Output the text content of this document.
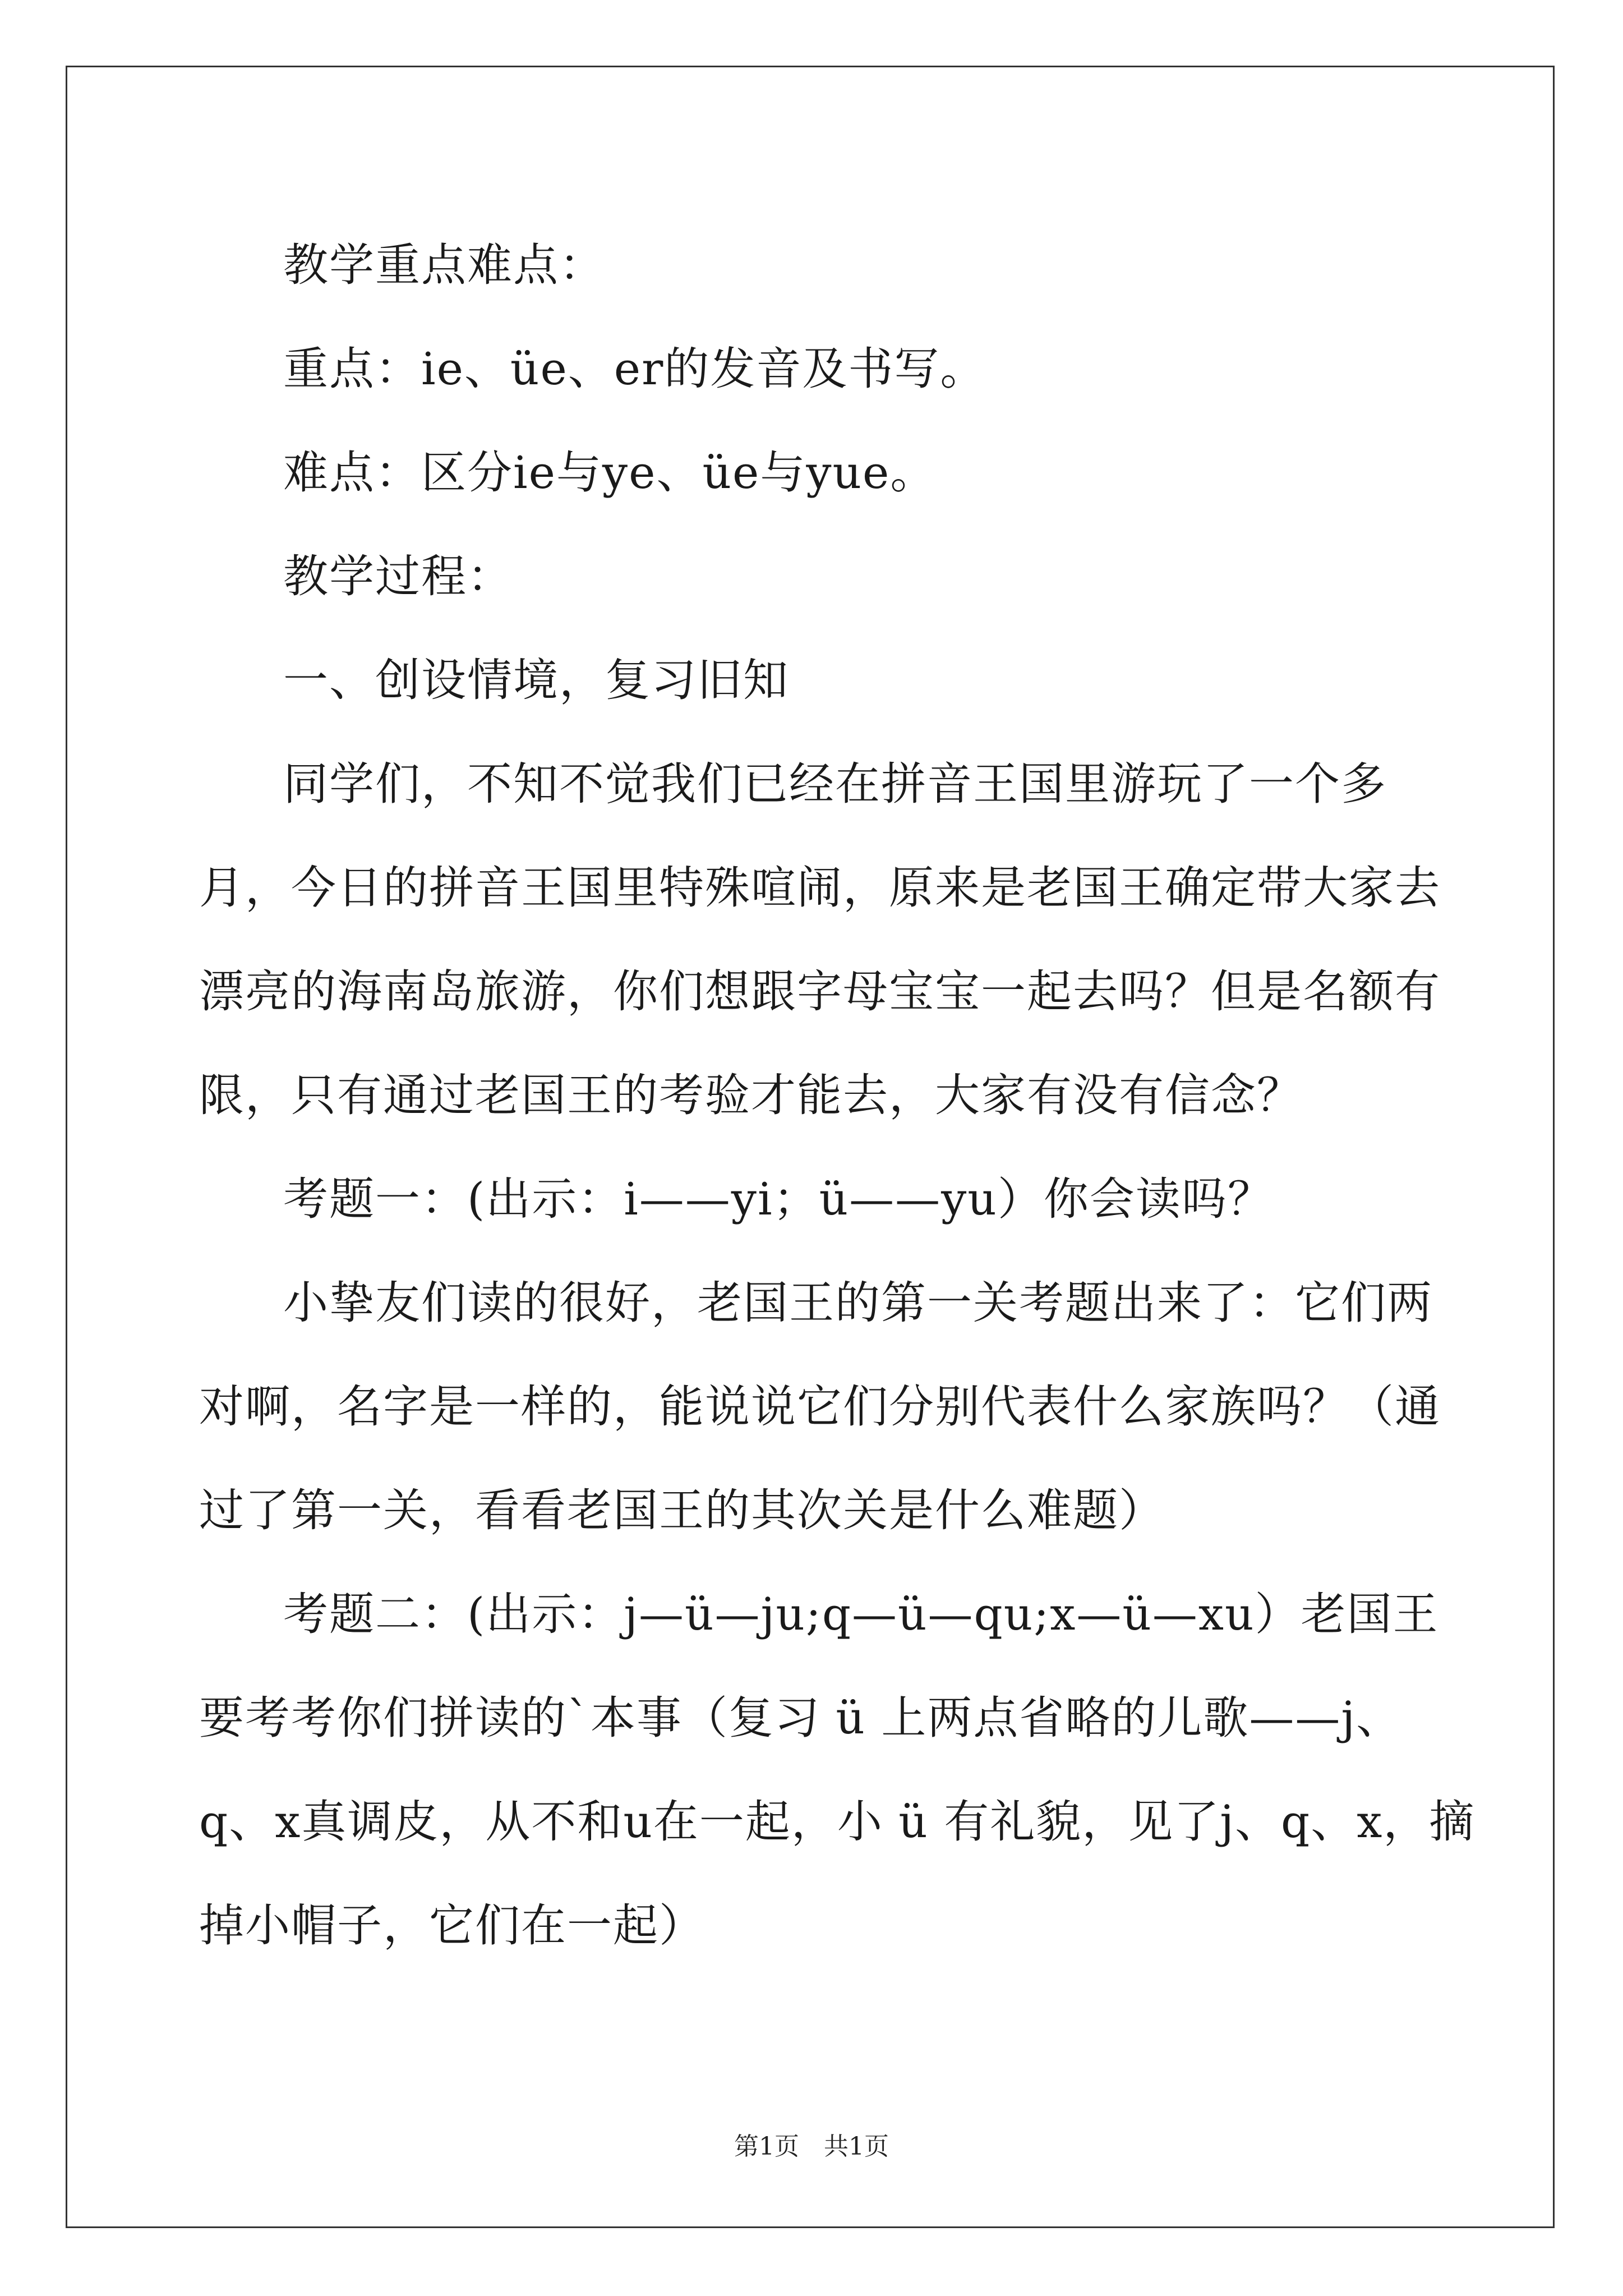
教学重点难点：

重点：ie、üe、er的发音及书写。

难点：区分ie与ye、üe与yue。

教学过程：

一、创设情境，复习旧知

同学们，不知不觉我们已经在拼音王国里游玩了一个多月，今日的拼音王国里特殊喧闹，原来是老国王确定带大家去漂亮的海南岛旅游，你们想跟字母宝宝一起去吗？但是名额有限，只有通过老国王的考验才能去，大家有没有信念？

考题一：(出示：i——yi；ü——yu）你会读吗？

小挚友们读的很好，老国王的第一关考题出来了：它们两对啊，名字是一样的，能说说它们分别代表什么家族吗？（通过了第一关，看看老国王的其次关是什么难题）

考题二：(出示：j—ü—ju;q—ü—qu;x—ü—xu）老国王要考考你们拼读的`本事（复习 ü 上两点省略的儿歌——j、q、x真调皮，从不和u在一起，小 ü 有礼貌，见了j、q、x，摘掉小帽子，它们在一起）

第1页　共1页
